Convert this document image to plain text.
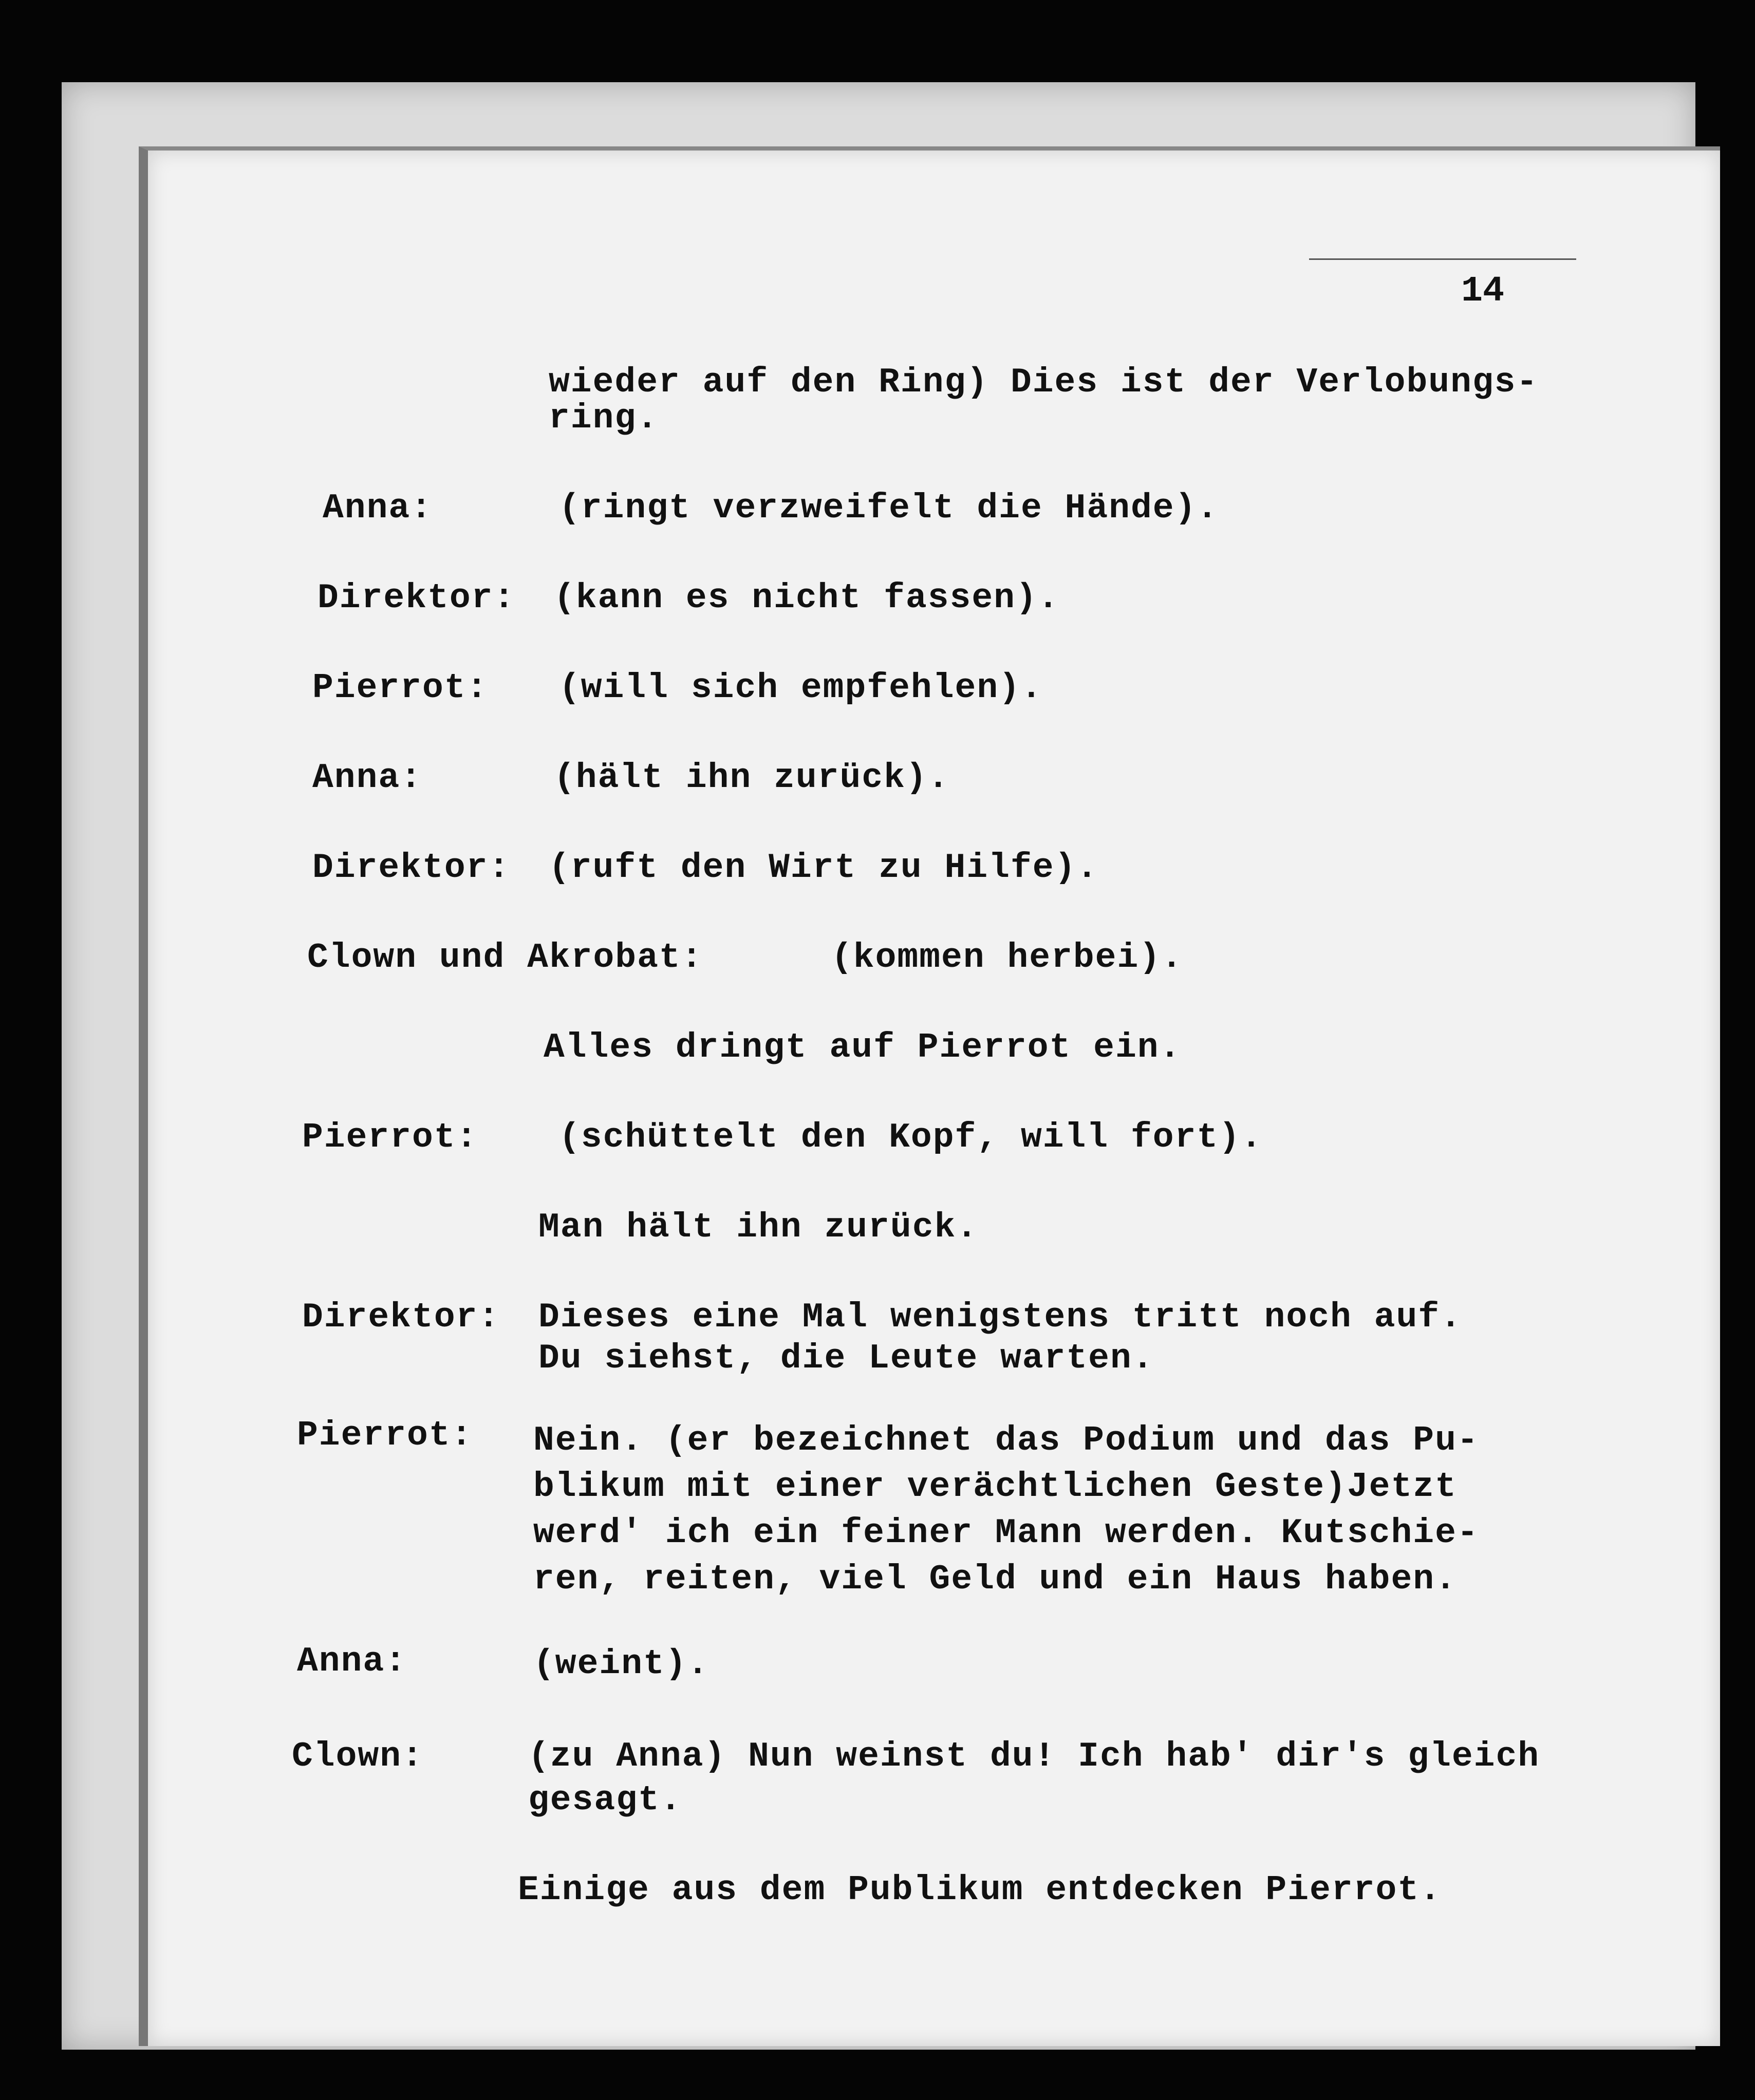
14
wieder auf den Ring) Dies ist der Verlobungs-
ring.
Anna:	(ringt verzweifelt die Hände).
Direktor: (kann es nicht fassen).
Pierrot: (will sich empfehlen).
Anna:	(hält ihn zurück).
Direktor: (ruft den Wirt zu Hilfe).
Clown und Akrobat:	(kommen herbei).
Alles dringt auf Pierrot ein.
Pierrot: (schüttelt den Kopf, will fort).
Man hält ihn zurück.
Direktor: Dieses eine Mal wenigstens tritt noch auf.
Du siehst, die Leute warten.
Pierrot: Nein. (er bezeichnet das Podium und das Pu-
blikum mit einer verächtlichen Geste)Jetzt
werd' ich ein feiner Mann werden. Kutschie-
ren, reiten, viel Geld und ein Haus haben.
Anna:	(weint).
Clown:	(zu Anna) Nun weinst du! Ich hab' dir's gleich
gesagt.
Einige aus dem Publikum entdecken Pierrot.
